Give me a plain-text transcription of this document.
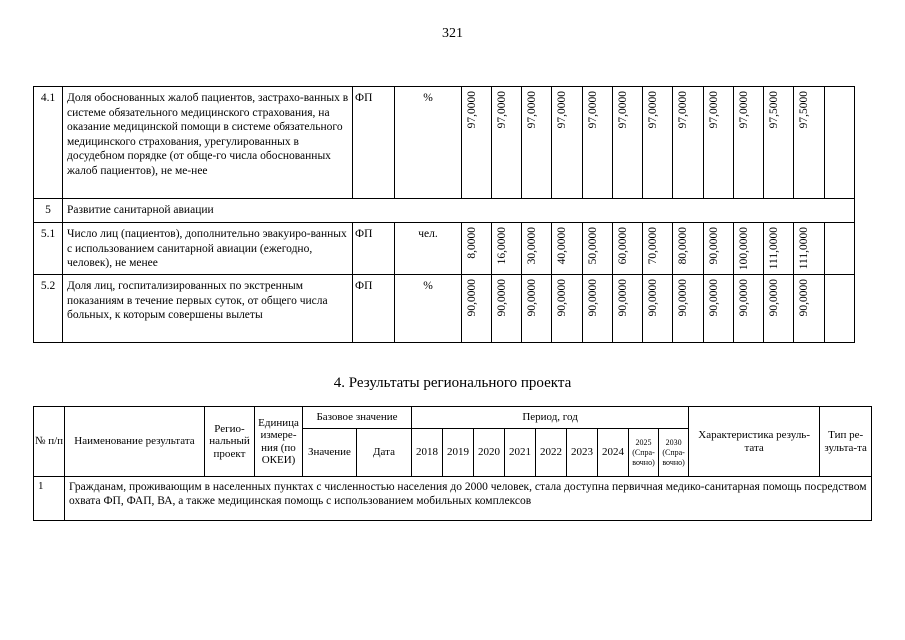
321
4.1	Доля обоснованных жалоб пациентов, застрахо-ванных в системе обязательного медицинского страхования, на оказание медицинской помощи в системе обязательного медицинского страхования, урегулированных в досудебном порядке (от обще-го числа обоснованных жалоб пациентов), не ме-нее	ФП	%	97,0000	97,0000	97,0000	97,0000	97,0000	97,0000	97,0000	97,0000	97,0000	97,0000	97,5000	97,5000	

5	Развитие санитарной авиации															
5.1	Число лиц (пациентов), дополнительно эвакуиро-ванных с использованием санитарной авиации (ежегодно, человек), не менее	ФП	чел.	8,0000	16,0000	30,0000	40,0000	50,0000	60,0000	70,0000	80,0000	90,0000	100,0000	111,0000	111,0000	

5.2	Доля лиц, госпитализированных по экстренным показаниям в течение первых суток, от общего числа больных, к которым совершены вылеты	ФП	%	90,0000	90,0000	90,0000	90,0000	90,0000	90,0000	90,0000	90,0000	90,0000	90,0000	90,0000	90,0000	

4. Результаты регионального проекта
№ п/п	Наименование результата	Регио-нальный проект	Единица измере-ния (по ОКЕИ)	Базовое значение		Период, год									Характеристика резуль-тата	Тип ре-зульта-та
				Значение	Дата	2018	2019	2020	2021	2022	2023	2024	2025 (Спра-вочно)	2030 (Спра-вочно)		
1	Гражданам, проживающим в населенных пунктах с численностью населения до 2000 человек, стала доступна первичная медико-санитарная помощь посредством охвата ФП, ФАП, ВА, а также медицинская помощь с использованием мобильных комплексов															
